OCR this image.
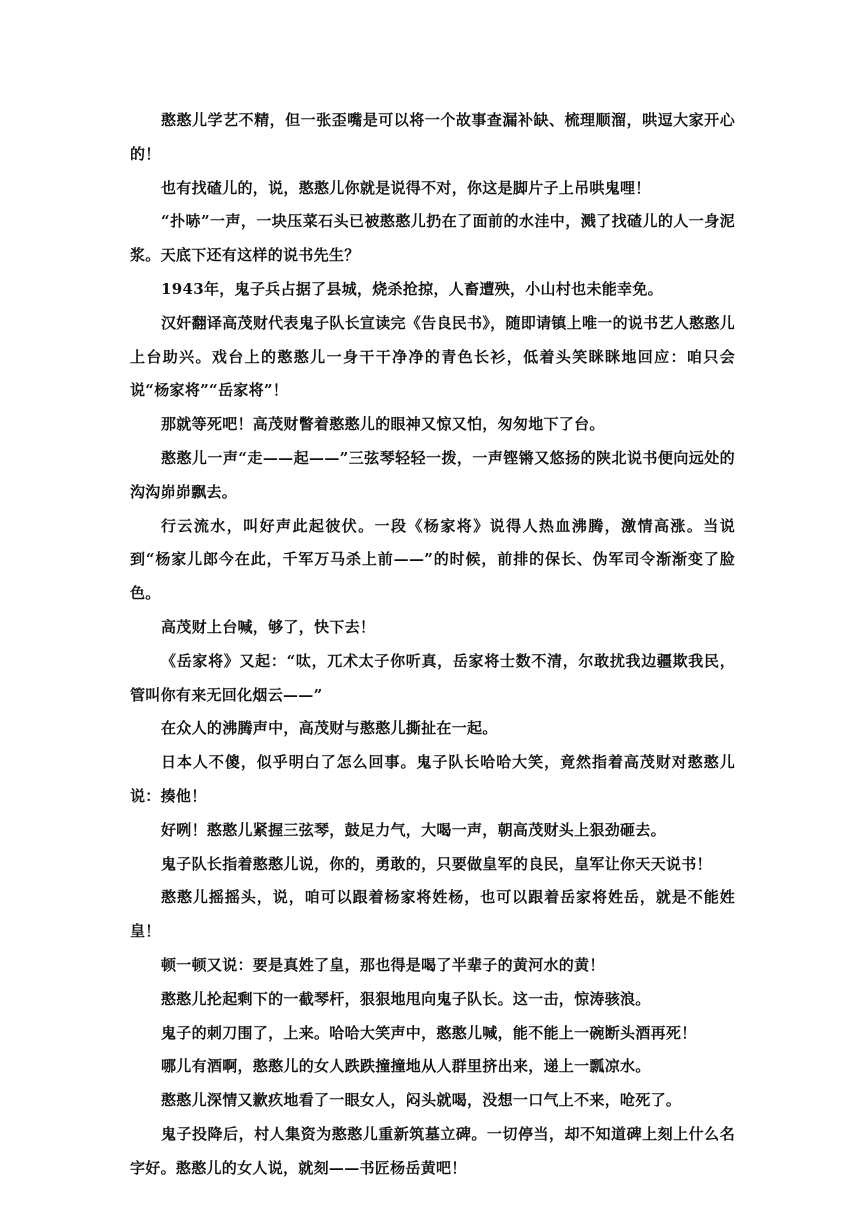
憨憨儿学艺不精，但一张歪嘴是可以将一个故事查漏补缺、梳理顺溜，哄逗大家开心的！

也有找碴儿的，说，憨憨儿你就是说得不对，你这是脚片子上吊哄鬼哩！

“扑哧”一声，一块压菜石头已被憨憨儿扔在了面前的水洼中，溅了找碴儿的人一身泥浆。天底下还有这样的说书先生？

1943年，鬼子兵占据了县城，烧杀抢掠，人畜遭殃，小山村也未能幸免。

汉奸翻译高茂财代表鬼子队长宣读完《告良民书》，随即请镇上唯一的说书艺人憨憨儿上台助兴。戏台上的憨憨儿一身干干净净的青色长衫，低着头笑眯眯地回应：咱只会说“杨家将”“岳家将”！

那就等死吧！高茂财瞥着憨憨儿的眼神又惊又怕，匆匆地下了台。

憨憨儿一声“走——起——”三弦琴轻轻一拨，一声铿锵又悠扬的陕北说书便向远处的沟沟峁峁飘去。

行云流水，叫好声此起彼伏。一段《杨家将》说得人热血沸腾，激情高涨。当说到“杨家儿郎今在此，千军万马杀上前——”的时候，前排的保长、伪军司令渐渐变了脸色。

高茂财上台喊，够了，快下去！

《岳家将》又起：“呔，兀术太子你听真，岳家将士数不清，尔敢扰我边疆欺我民，管叫你有来无回化烟云——”

在众人的沸腾声中，高茂财与憨憨儿撕扯在一起。

日本人不傻，似乎明白了怎么回事。鬼子队长哈哈大笑，竟然指着高茂财对憨憨儿说：揍他！

好咧！憨憨儿紧握三弦琴，鼓足力气，大喝一声，朝高茂财头上狠劲砸去。

鬼子队长指着憨憨儿说，你的，勇敢的，只要做皇军的良民，皇军让你天天说书！

憨憨儿摇摇头，说，咱可以跟着杨家将姓杨，也可以跟着岳家将姓岳，就是不能姓皇！

顿一顿又说：要是真姓了皇，那也得是喝了半辈子的黄河水的黄！

憨憨儿抡起剩下的一截琴杆，狠狠地甩向鬼子队长。这一击，惊涛骇浪。

鬼子的刺刀围了，上来。哈哈大笑声中，憨憨儿喊，能不能上一碗断头酒再死！

哪儿有酒啊，憨憨儿的女人跌跌撞撞地从人群里挤出来，递上一瓢凉水。

憨憨儿深情又歉疚地看了一眼女人，闷头就喝，没想一口气上不来，呛死了。

鬼子投降后，村人集资为憨憨儿重新筑墓立碑。一切停当，却不知道碑上刻上什么名字好。憨憨儿的女人说，就刻——书匠杨岳黄吧！
